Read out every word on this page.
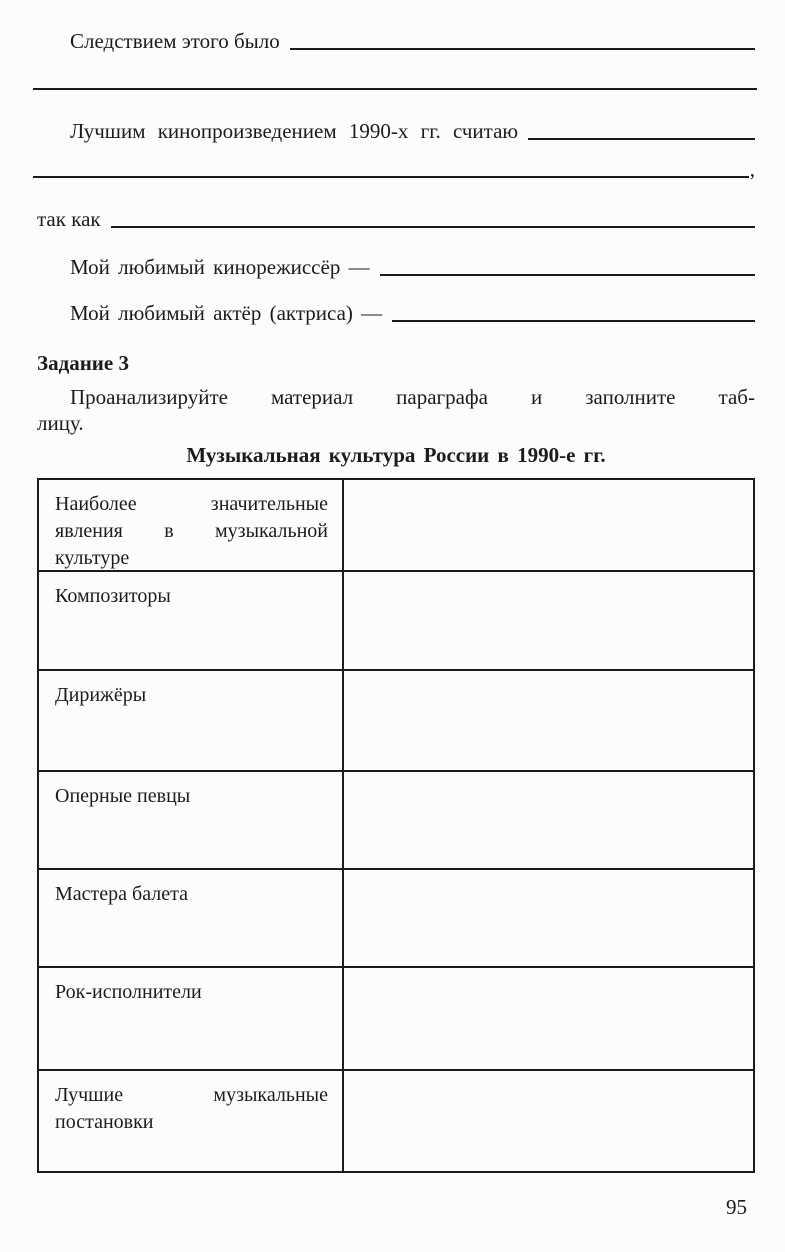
Следствием этого было
Лучшим кинопроизведением 1990-х гг. считаю
,
так как
Мой любимый кинорежиссёр —
Мой любимый актёр (актриса) —
Задание 3
Проанализируйте материал параграфа и заполните таб-
лицу.
Музыкальная культура России в 1990-е гг.
Наиболее значительные явления в музыкальной культуре
Композиторы
Дирижёры
Оперные певцы
Мастера балета
Рок-исполнители
Лучшие музыкальные постановки
95
